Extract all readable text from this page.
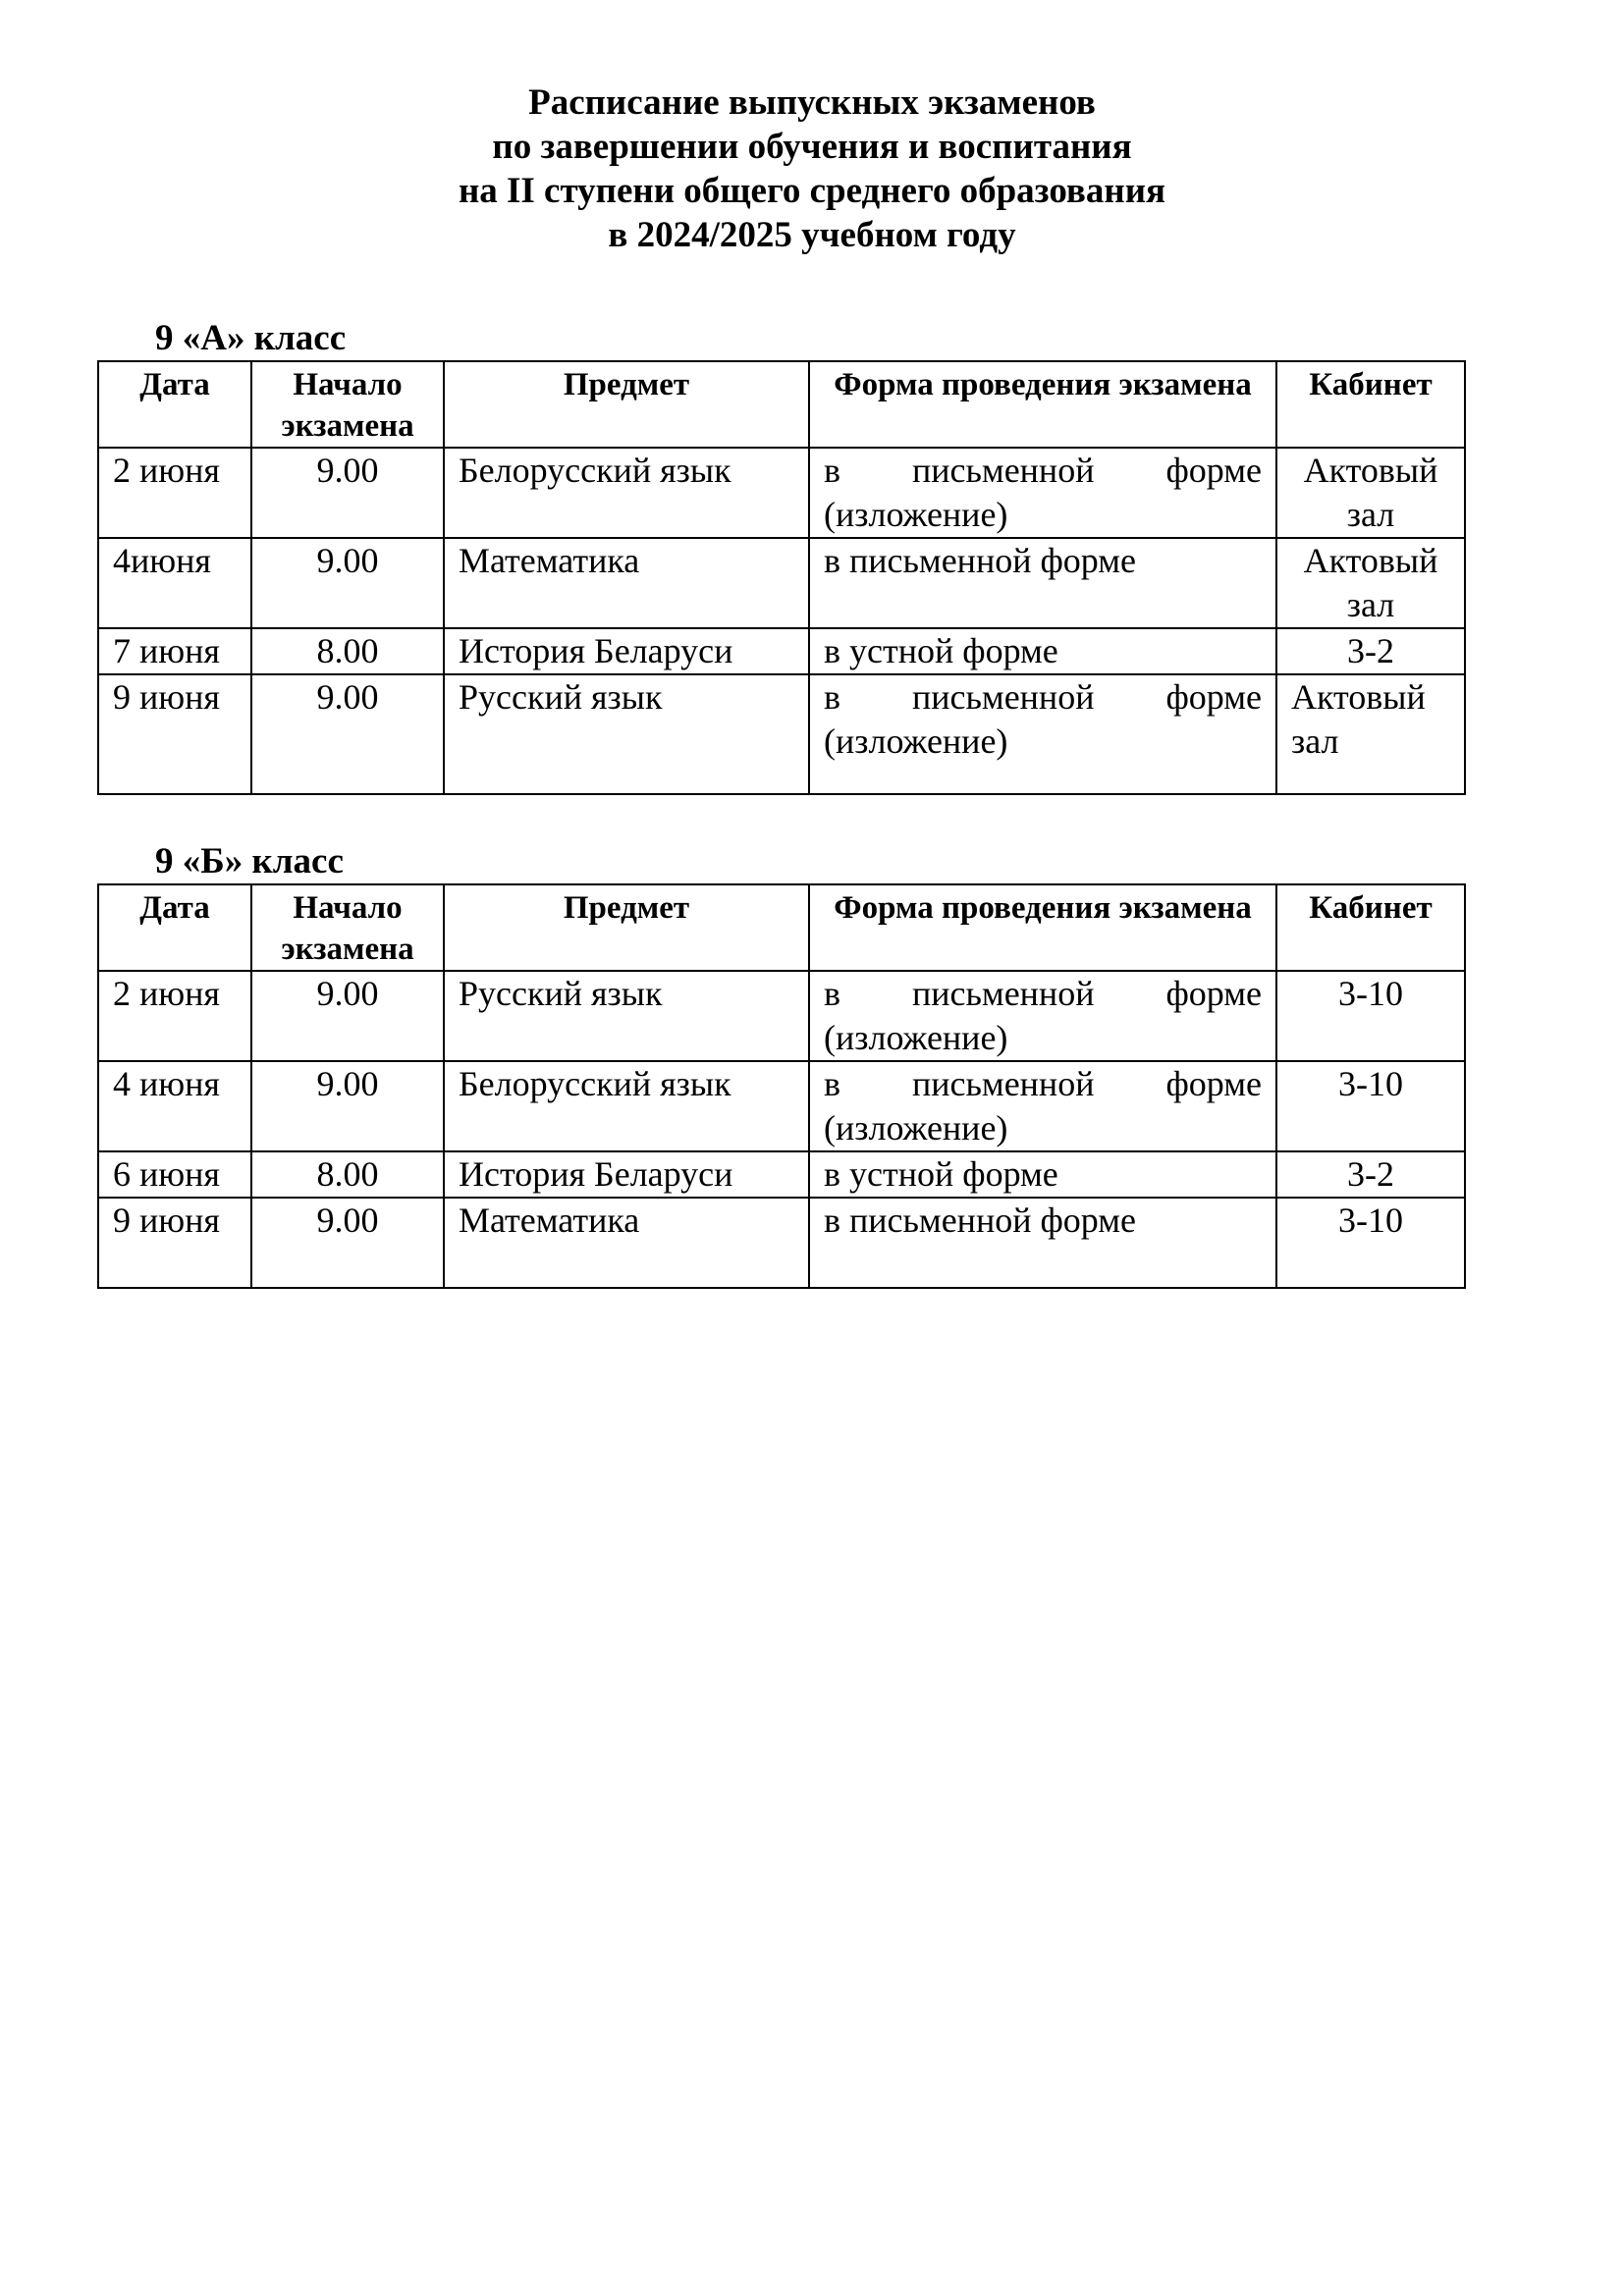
Расписание выпускных экзаменов
по завершении обучения и воспитания
на II ступени общего среднего образования
в 2024/2025 учебном году
9 «А» класс
Дата	Начало экзамена	Предмет	Форма проведения экзамена	Кабинет
2 июня	9.00	Белорусский язык	в письменной форме (изложение)	Актовый зал
4июня	9.00	Математика	в письменной форме	Актовый зал
7 июня	8.00	История Беларуси	в устной форме	3-2
9 июня	9.00	Русский язык	в письменной форме (изложение)	Актовый зал
9 «Б» класс
Дата	Начало экзамена	Предмет	Форма проведения экзамена	Кабинет
2 июня	9.00	Русский язык	в письменной форме (изложение)	3-10
4 июня	9.00	Белорусский язык	в письменной форме (изложение)	3-10
6 июня	8.00	История Беларуси	в устной форме	3-2
9 июня	9.00	Математика	в письменной форме	3-10
